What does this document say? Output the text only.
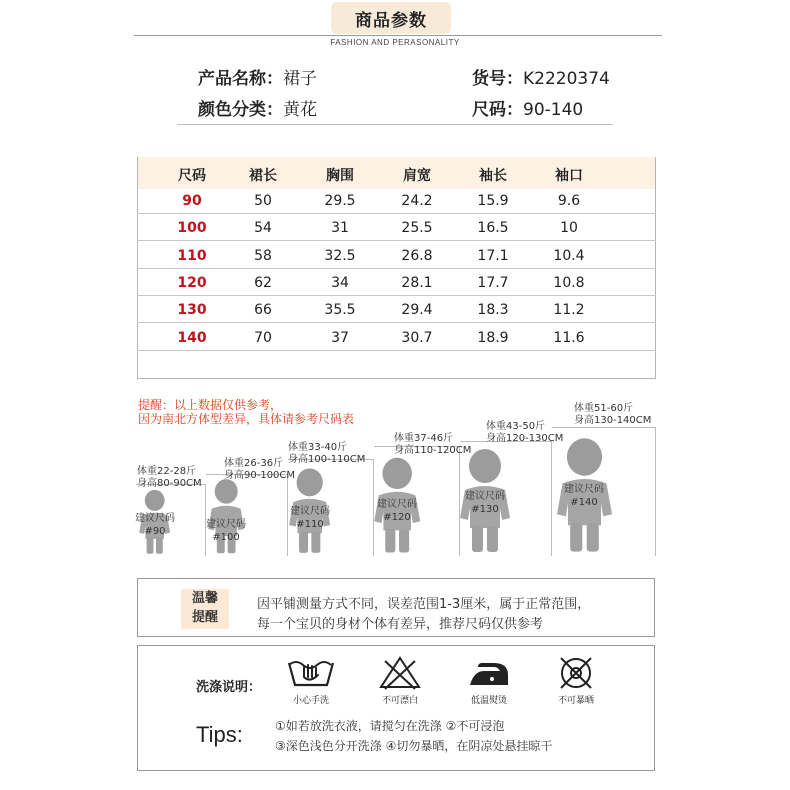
商品参数
FASHION AND PERASONALITY
产品名称：裙子
颜色分类：黄花
货号：K2220374
尺码：90-140
尺码	裙长	胸围	肩宽	袖长	袖口
90	50	29.5	24.2	15.9	9.6
100	54	31	25.5	16.5	10
110	58	32.5	26.8	17.1	10.4
120	62	34	28.1	17.7	10.8
130	66	35.5	29.4	18.3	11.2
140	70	37	30.7	18.9	11.6
提醒：以上数据仅供参考，
因为南北方体型差异，具体请参考尺码表
体重22-28斤
身高80-90CM
建议尺码
#90
体重26-36斤
身高90-100CM
建议尺码
#100
体重33-40斤
身高100-110CM
建议尺码
#110
体重37-46斤
身高110-120CM
建议尺码
#120
体重43-50斤
身高120-130CM
建议尺码
#130
体重51-60斤
身高130-140CM
建议尺码
#140
温馨
提醒
因平铺测量方式不同，误差范围1-3厘米，属于正常范围，
每一个宝贝的身材个体有差异，推荐尺码仅供参考
洗涤说明：
小心手洗	不可漂白	低温熨烫	不可暴晒
Tips:	①如若放洗衣液，请搅匀在洗涤 ②不可浸泡
③深色浅色分开洗涤 ④切勿暴晒，在阴凉处悬挂晾干
